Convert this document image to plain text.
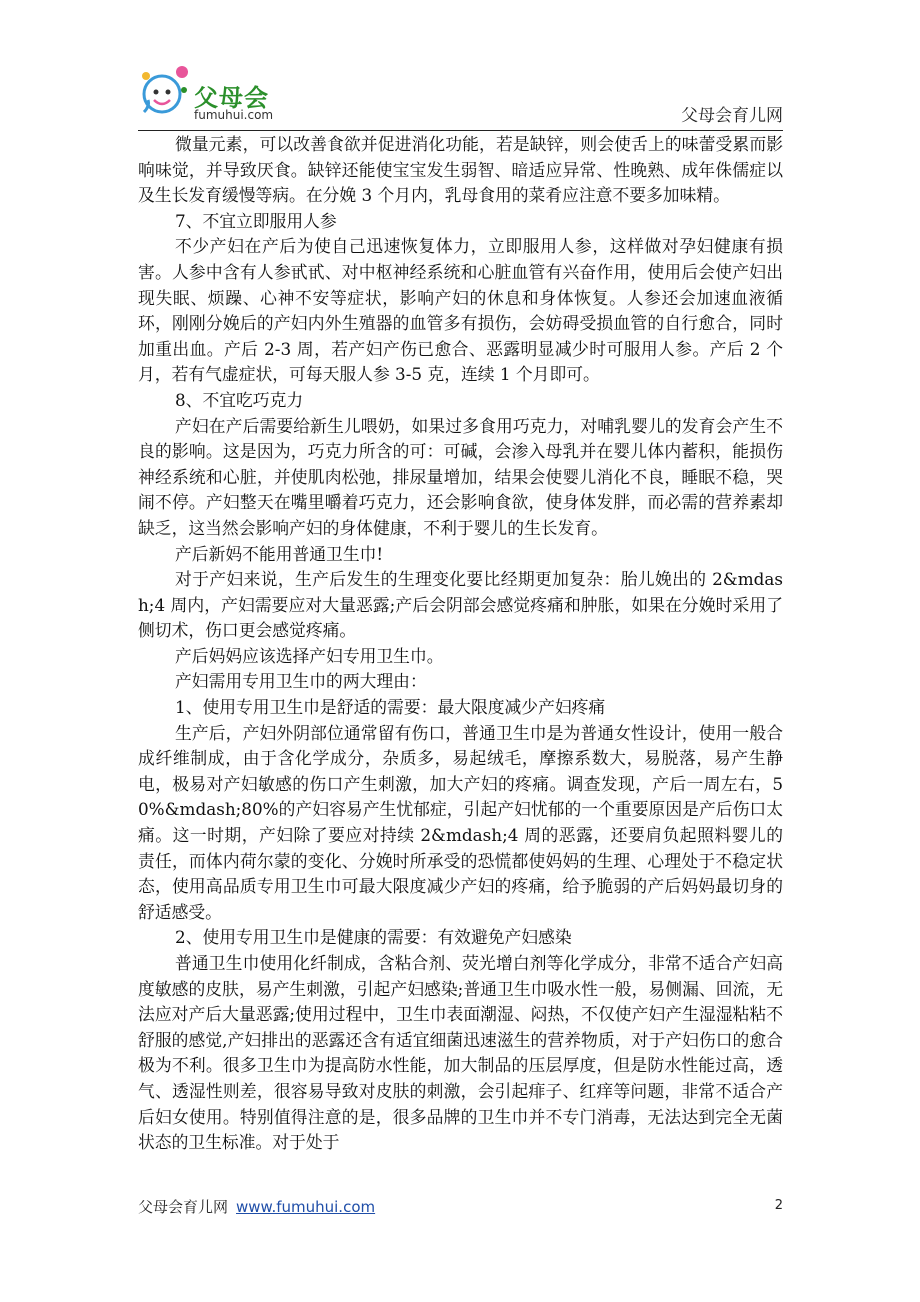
父母会
fumuhui.com	父母会育儿网

微量元素，可以改善食欲并促进消化功能，若是缺锌，则会使舌上的味蕾受累而影响味觉，并导致厌食。缺锌还能使宝宝发生弱智、暗适应异常、性晚熟、成年侏儒症以及生长发育缓慢等病。在分娩 3 个月内，乳母食用的菜肴应注意不要多加味精。

7、不宜立即服用人参

不少产妇在产后为使自己迅速恢复体力，立即服用人参，这样做对孕妇健康有损害。人参中含有人参甙甙、对中枢神经系统和心脏血管有兴奋作用，使用后会使产妇出现失眠、烦躁、心神不安等症状，影响产妇的休息和身体恢复。人参还会加速血液循环，刚刚分娩后的产妇内外生殖器的血管多有损伤，会妨碍受损血管的自行愈合，同时加重出血。产后 2-3 周，若产妇产伤已愈合、恶露明显减少时可服用人参。产后 2 个月，若有气虚症状，可每天服人参 3-5 克，连续 1 个月即可。

8、不宜吃巧克力

产妇在产后需要给新生儿喂奶，如果过多食用巧克力，对哺乳婴儿的发育会产生不良的影响。这是因为，巧克力所含的可：可碱，会渗入母乳并在婴儿体内蓄积，能损伤神经系统和心脏，并使肌肉松弛，排尿量增加，结果会使婴儿消化不良，睡眠不稳，哭闹不停。产妇整天在嘴里嚼着巧克力，还会影响食欲，使身体发胖，而必需的营养素却缺乏，这当然会影响产妇的身体健康，不利于婴儿的生长发育。

产后新妈不能用普通卫生巾!

对于产妇来说，生产后发生的生理变化要比经期更加复杂：胎儿娩出的 2&mdash;4 周内，产妇需要应对大量恶露;产后会阴部会感觉疼痛和肿胀，如果在分娩时采用了侧切术，伤口更会感觉疼痛。

产后妈妈应该选择产妇专用卫生巾。

产妇需用专用卫生巾的两大理由：

1、使用专用卫生巾是舒适的需要：最大限度减少产妇疼痛

生产后，产妇外阴部位通常留有伤口，普通卫生巾是为普通女性设计，使用一般合成纤维制成，由于含化学成分，杂质多，易起绒毛，摩擦系数大，易脱落，易产生静电，极易对产妇敏感的伤口产生刺激，加大产妇的疼痛。调查发现，产后一周左右，50%&mdash;80%的产妇容易产生忧郁症，引起产妇忧郁的一个重要原因是产后伤口太痛。这一时期，产妇除了要应对持续 2&mdash;4 周的恶露，还要肩负起照料婴儿的责任，而体内荷尔蒙的变化、分娩时所承受的恐慌都使妈妈的生理、心理处于不稳定状态，使用高品质专用卫生巾可最大限度减少产妇的疼痛，给予脆弱的产后妈妈最切身的舒适感受。

2、使用专用卫生巾是健康的需要：有效避免产妇感染

普通卫生巾使用化纤制成，含粘合剂、荧光增白剂等化学成分，非常不适合产妇高度敏感的皮肤，易产生刺激，引起产妇感染;普通卫生巾吸水性一般，易侧漏、回流，无法应对产后大量恶露;使用过程中，卫生巾表面潮湿、闷热，不仅使产妇产生湿湿粘粘不舒服的感觉,产妇排出的恶露还含有适宜细菌迅速滋生的营养物质，对于产妇伤口的愈合极为不利。很多卫生巾为提高防水性能，加大制品的压层厚度，但是防水性能过高，透气、透湿性则差，很容易导致对皮肤的刺激，会引起痱子、红痒等问题，非常不适合产后妇女使用。特别值得注意的是，很多品牌的卫生巾并不专门消毒，无法达到完全无菌状态的卫生标准。对于处于

父母会育儿网 www.fumuhui.com	2
